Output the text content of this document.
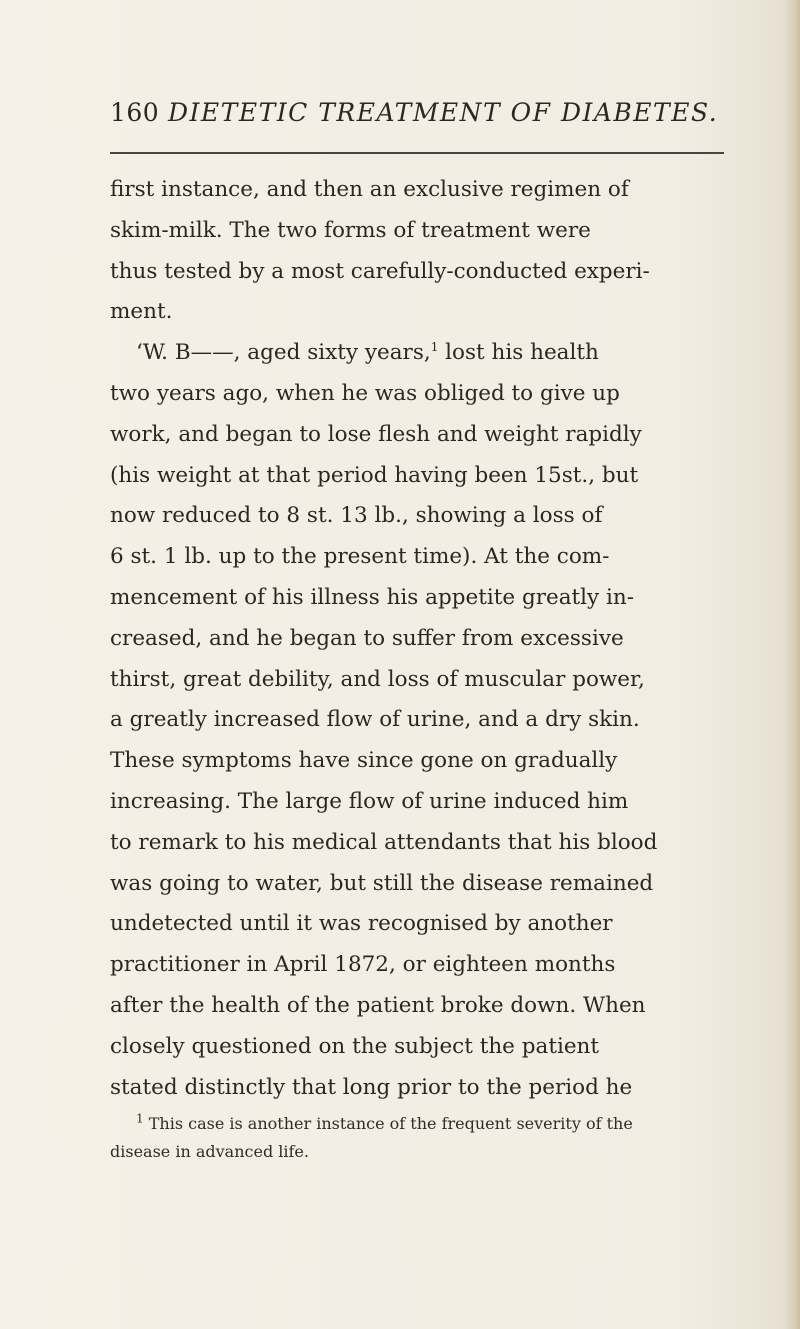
160 DIETETIC TREATMENT OF DIABETES.
first instance, and then an exclusive regimen of
skim-milk. The two forms of treatment were
thus tested by a most carefully-conducted experi-
ment.
‘W. B——, aged sixty years,$^1$ lost his health
two years ago, when he was obliged to give up
work, and began to lose flesh and weight rapidly
(his weight at that period having been 15st., but
now reduced to 8 st. 13 lb., showing a loss of
6 st. 1 lb. up to the present time). At the com-
mencement of his illness his appetite greatly in-
creased, and he began to suffer from excessive
thirst, great debility, and loss of muscular power,
a greatly increased flow of urine, and a dry skin.
These symptoms have since gone on gradually
increasing. The large flow of urine induced him
to remark to his medical attendants that his blood
was going to water, but still the disease remained
undetected until it was recognised by another
practitioner in April 1872, or eighteen months
after the health of the patient broke down. When
closely questioned on the subject the patient
stated distinctly that long prior to the period he
$^1$ This case is another instance of the frequent severity of the
disease in advanced life.
